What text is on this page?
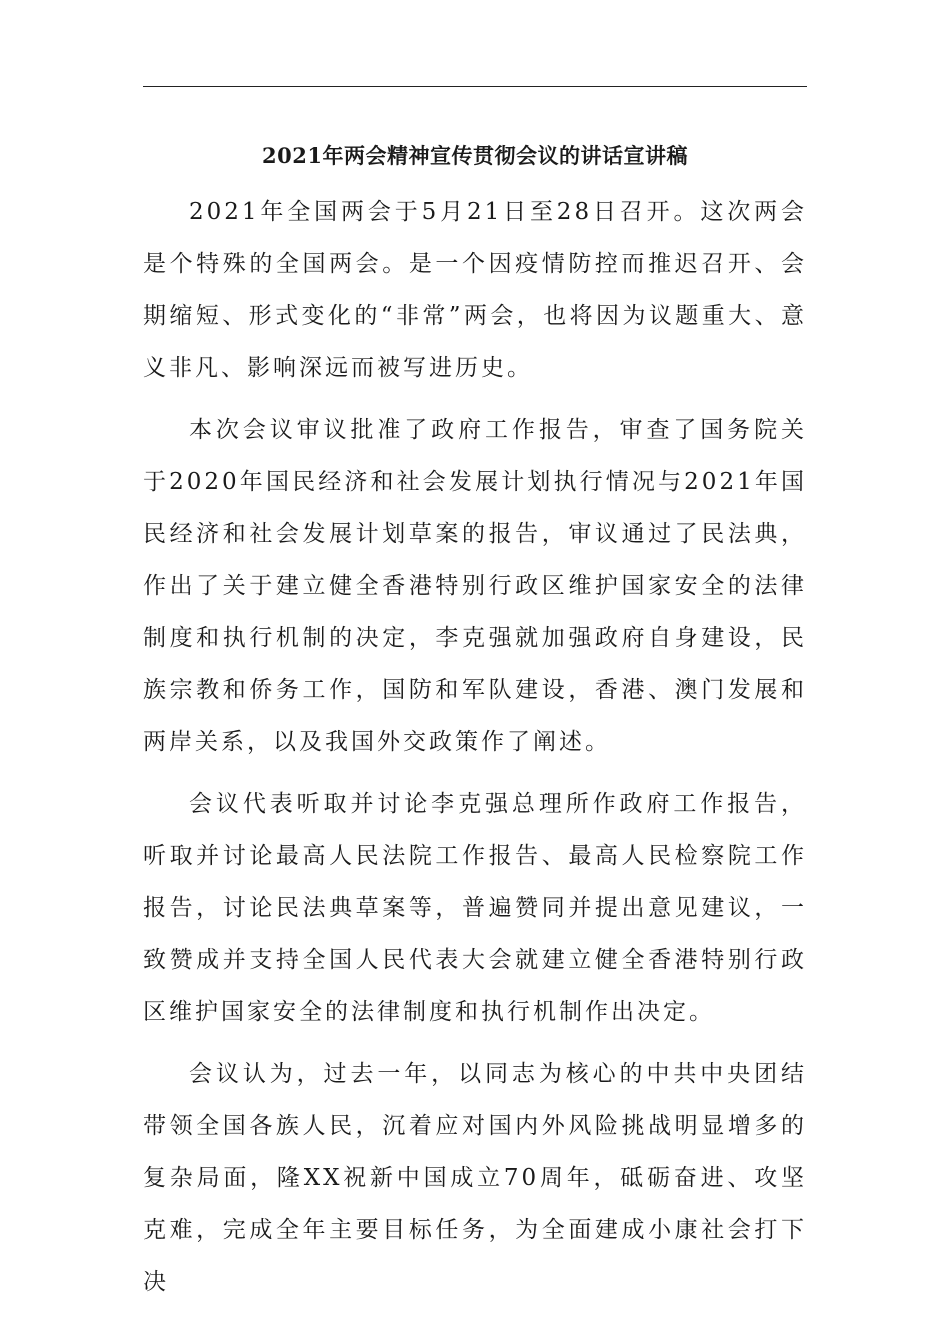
2021年两会精神宣传贯彻会议的讲话宣讲稿

2021年全国两会于5月21日至28日召开。这次两会是个特殊的全国两会。是一个因疫情防控而推迟召开、会期缩短、形式变化的“非常”两会，也将因为议题重大、意义非凡、影响深远而被写进历史。

本次会议审议批准了政府工作报告，审查了国务院关于2020年国民经济和社会发展计划执行情况与2021年国民经济和社会发展计划草案的报告，审议通过了民法典，作出了关于建立健全香港特别行政区维护国家安全的法律制度和执行机制的决定，李克强就加强政府自身建设，民族宗教和侨务工作，国防和军队建设，香港、澳门发展和两岸关系，以及我国外交政策作了阐述。

会议代表听取并讨论李克强总理所作政府工作报告，听取并讨论最高人民法院工作报告、最高人民检察院工作报告，讨论民法典草案等，普遍赞同并提出意见建议，一致赞成并支持全国人民代表大会就建立健全香港特别行政区维护国家安全的法律制度和执行机制作出决定。

会议认为，过去一年，以同志为核心的中共中央团结带领全国各族人民，沉着应对国内外风险挑战明显增多的复杂局面，隆XX祝新中国成立70周年，砥砺奋进、攻坚克难，完成全年主要目标任务，为全面建成小康社会打下决
